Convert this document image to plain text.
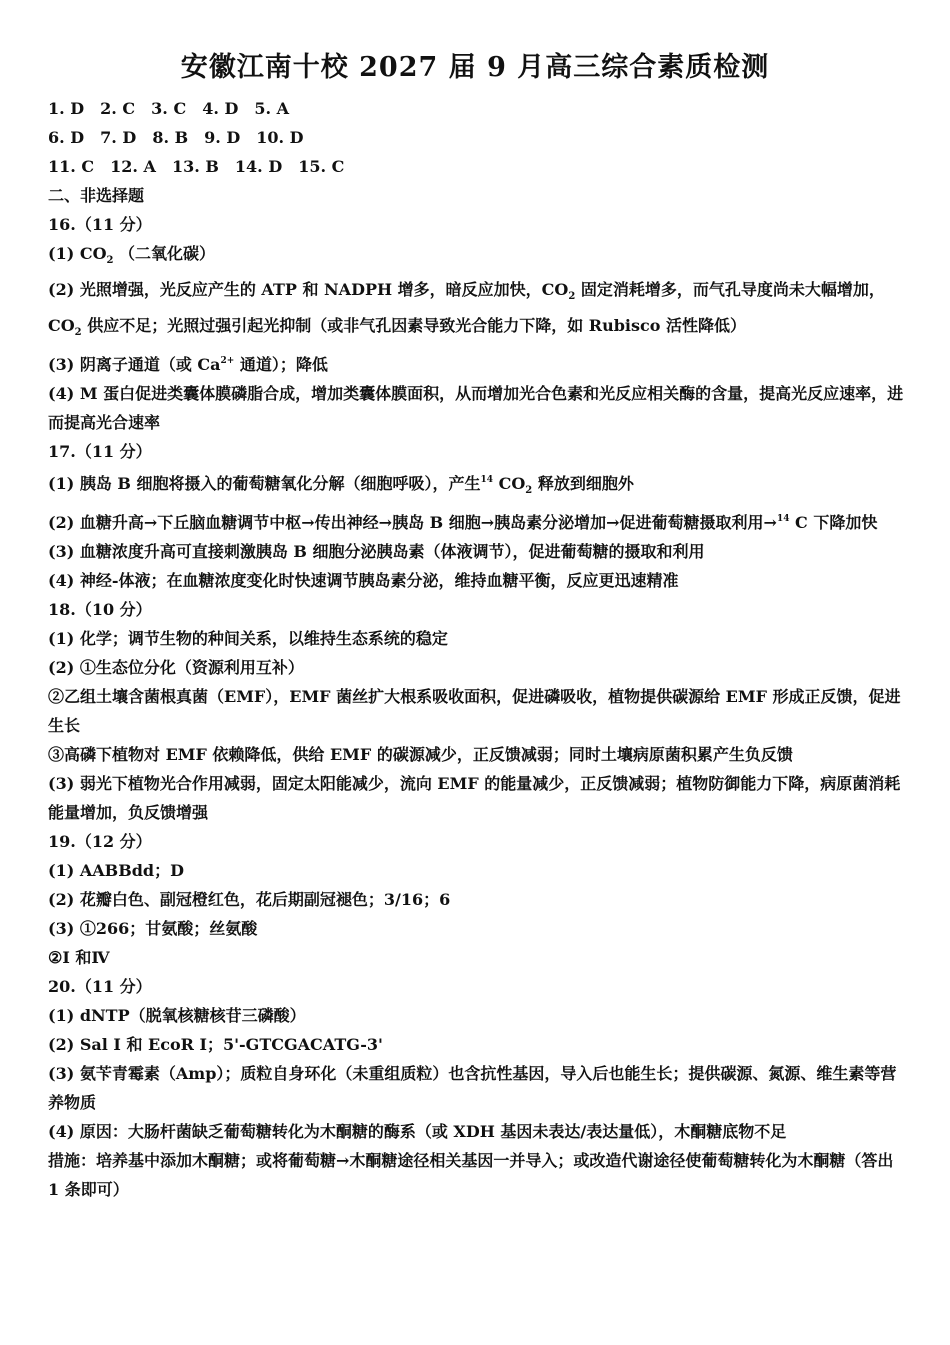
安徽江南十校 2027 届 9 月高三综合素质检测
1. D 2. C 3. C 4. D 5. A
6. D 7. D 8. B 9. D 10. D
11. C 12. A 13. B 14. D 15. C
二、非选择题
16.（11 分）
(1) $CO_2$ （二氧化碳）
(2) 光照增强，光反应产生的 ATP 和 NADPH 增多，暗反应加快，$CO_2$ 固定消耗增多，而气孔导度尚未大幅增加，$CO_2$ 供应不足；光照过强引起光抑制（或非气孔因素导致光合能力下降，如 Rubisco 活性降低）
(3) 阴离子通道（或 $Ca^{2+}$ 通道）；降低
(4) M 蛋白促进类囊体膜磷脂合成，增加类囊体膜面积，从而增加光合色素和光反应相关酶的含量，提高光反应速率，进而提高光合速率
17.（11 分）
(1) 胰岛 B 细胞将摄入的葡萄糖氧化分解（细胞呼吸），产生$^{14}$ $CO_2$ 释放到细胞外
(2) 血糖升高→下丘脑血糖调节中枢→传出神经→胰岛 B 细胞→胰岛素分泌增加→促进葡萄糖摄取利用→$^{14}$ C 下降加快
(3) 血糖浓度升高可直接刺激胰岛 B 细胞分泌胰岛素（体液调节），促进葡萄糖的摄取和利用
(4) 神经-体液；在血糖浓度变化时快速调节胰岛素分泌，维持血糖平衡，反应更迅速精准
18.（10 分）
(1) 化学；调节生物的种间关系，以维持生态系统的稳定
(2) ①生态位分化（资源利用互补）
②乙组土壤含菌根真菌（EMF），EMF 菌丝扩大根系吸收面积，促进磷吸收，植物提供碳源给 EMF 形成正反馈，促进生长
③高磷下植物对 EMF 依赖降低，供给 EMF 的碳源减少，正反馈减弱；同时土壤病原菌积累产生负反馈
(3) 弱光下植物光合作用减弱，固定太阳能减少，流向 EMF 的能量减少，正反馈减弱；植物防御能力下降，病原菌消耗能量增加，负反馈增强
19.（12 分）
(1) AABBdd；D
(2) 花瓣白色、副冠橙红色，花后期副冠褪色；3/16；6
(3) ①266；甘氨酸；丝氨酸
②Ⅰ 和Ⅳ
20.（11 分）
(1) dNTP（脱氧核糖核苷三磷酸）
(2) Sal Ⅰ 和 EcoR Ⅰ；5'-GTCGACATG-3'
(3) 氨苄青霉素（Amp）；质粒自身环化（未重组质粒）也含抗性基因，导入后也能生长；提供碳源、氮源、维生素等营养物质
(4) 原因：大肠杆菌缺乏葡萄糖转化为木酮糖的酶系（或 XDH 基因未表达/表达量低），木酮糖底物不足
措施：培养基中添加木酮糖；或将葡萄糖→木酮糖途径相关基因一并导入；或改造代谢途径使葡萄糖转化为木酮糖（答出 1 条即可）
